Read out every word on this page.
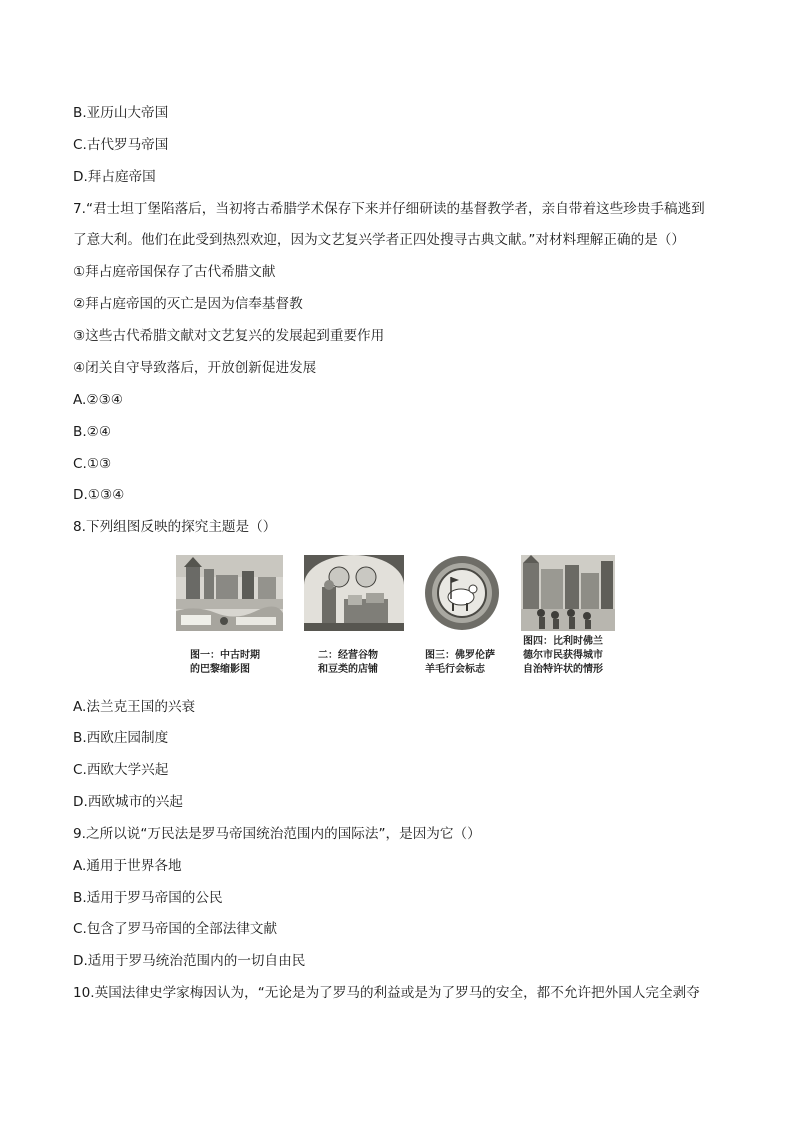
B.亚历山大帝国
C.古代罗马帝国
D.拜占庭帝国
7.“君士坦丁堡陷落后，当初将古希腊学术保存下来并仔细研读的基督教学者，亲自带着这些珍贵手稿逃到
了意大利。他们在此受到热烈欢迎，因为文艺复兴学者正四处搜寻古典文献。”对材料理解正确的是（）
①拜占庭帝国保存了古代希腊文献
②拜占庭帝国的灭亡是因为信奉基督教
③这些古代希腊文献对文艺复兴的发展起到重要作用
④闭关自守导致落后，开放创新促进发展
A.②③④
B.②④
C.①③
D.①③④
8.下列组图反映的探究主题是（）
图一：中古时期
的巴黎缩影图
二：经营谷物
和豆类的店铺
图三：佛罗伦萨
羊毛行会标志
图四：比利时佛兰
德尔市民获得城市
自治特许状的情形
A.法兰克王国的兴衰
B.西欧庄园制度
C.西欧大学兴起
D.西欧城市的兴起
9.之所以说“万民法是罗马帝国统治范围内的国际法”，是因为它（）
A.通用于世界各地
B.适用于罗马帝国的公民
C.包含了罗马帝国的全部法律文献
D.适用于罗马统治范围内的一切自由民
10.英国法律史学家梅因认为，“无论是为了罗马的利益或是为了罗马的安全，都不允许把外国人完全剥夺
